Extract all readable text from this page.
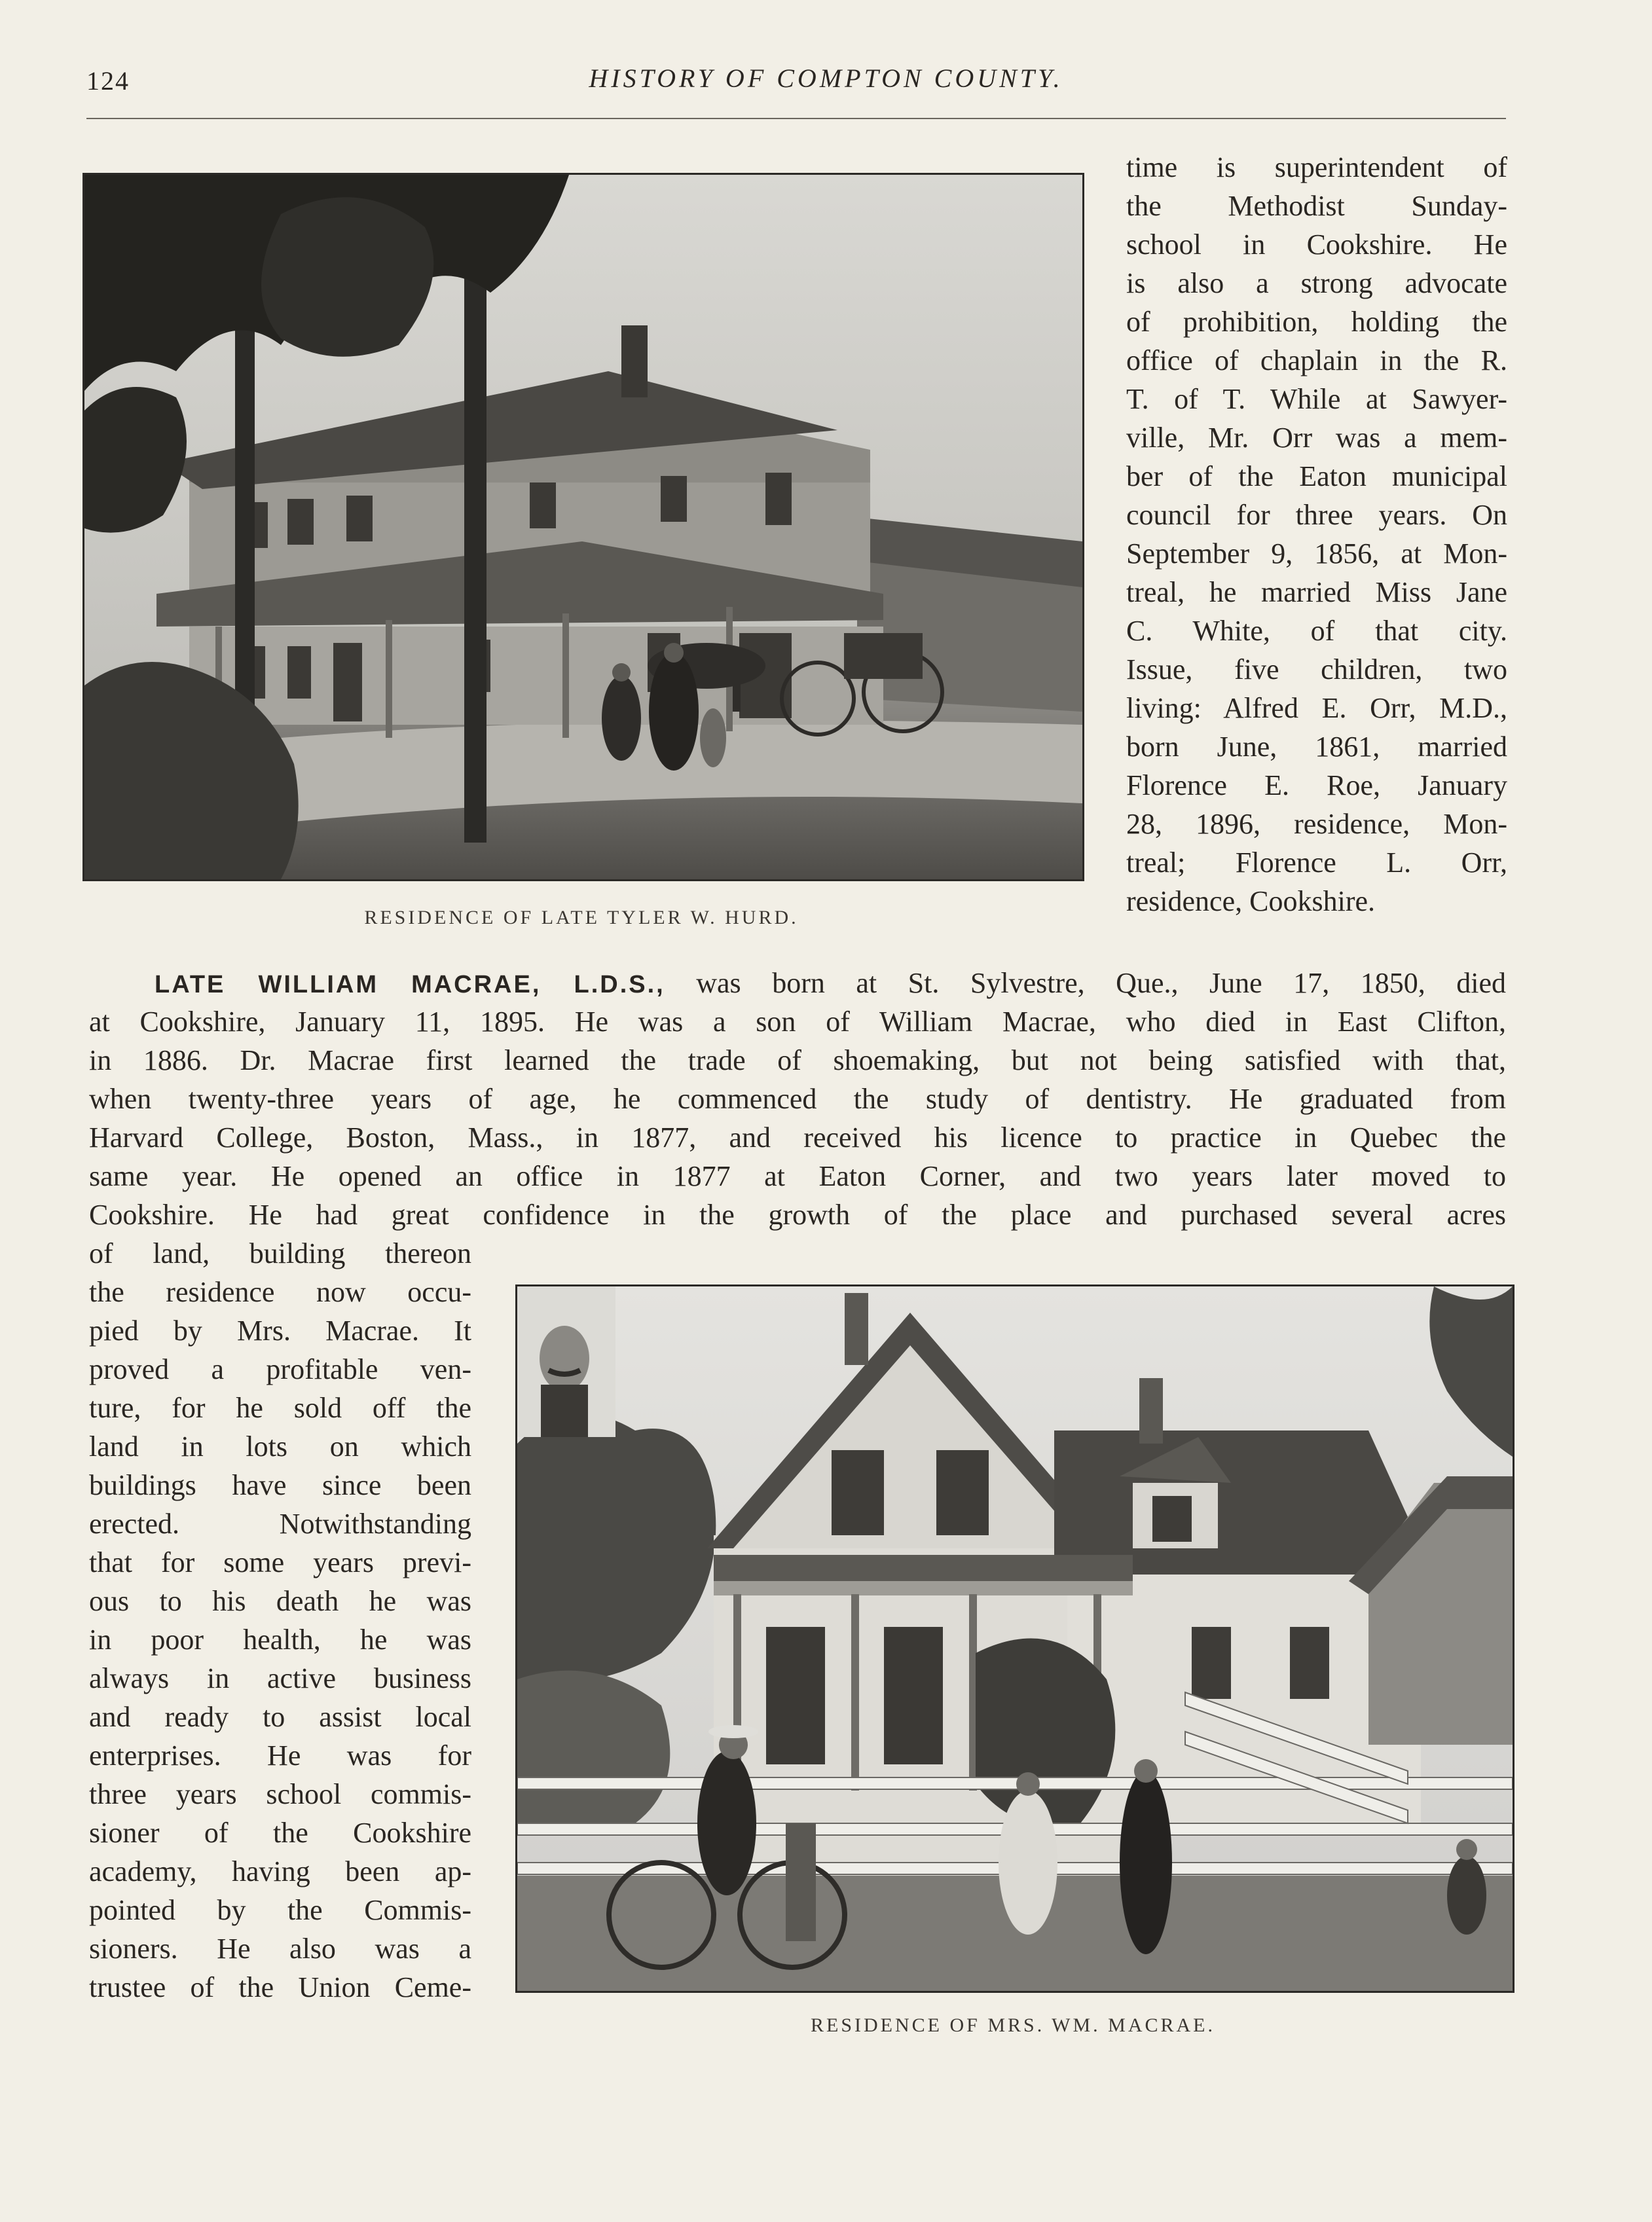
124	HISTORY OF COMPTON COUNTY.
RESIDENCE OF LATE TYLER W. HURD.
time is superintendent of
the Methodist Sunday-
school in Cookshire. He
is also a strong advocate
of prohibition, holding the
office of chaplain in the R.
T. of T. While at Sawyer-
ville, Mr. Orr was a mem-
ber of the Eaton municipal
council for three years. On
September 9, 1856, at Mon-
treal, he married Miss Jane
C. White, of that city.
Issue, five children, two
living: Alfred E. Orr, M.D.,
born June, 1861, married
Florence E. Roe, January
28, 1896, residence, Mon-
treal; Florence L. Orr,
residence, Cookshire.
LATE WILLIAM MACRAE, L.D.S., was born at St. Sylvestre, Que., June 17, 1850, died
at Cookshire, January 11, 1895. He was a son of William Macrae, who died in East Clifton,
in 1886. Dr. Macrae first learned the trade of shoemaking, but not being satisfied with that,
when twenty-three years of age, he commenced the study of dentistry. He graduated from
Harvard College, Boston, Mass., in 1877, and received his licence to practice in Quebec the
same year. He opened an office in 1877 at Eaton Corner, and two years later moved to
Cookshire. He had great confidence in the growth of the place and purchased several acres
of land, building thereon
the residence now occu-
pied by Mrs. Macrae. It
proved a profitable ven-
ture, for he sold off the
land in lots on which
buildings have since been
erected. Notwithstanding
that for some years previ-
ous to his death he was
in poor health, he was
always in active business
and ready to assist local
enterprises. He was for
three years school commis-
sioner of the Cookshire
academy, having been ap-
pointed by the Commis-
sioners. He also was a
trustee of the Union Ceme-
RESIDENCE OF MRS. WM. MACRAE.
